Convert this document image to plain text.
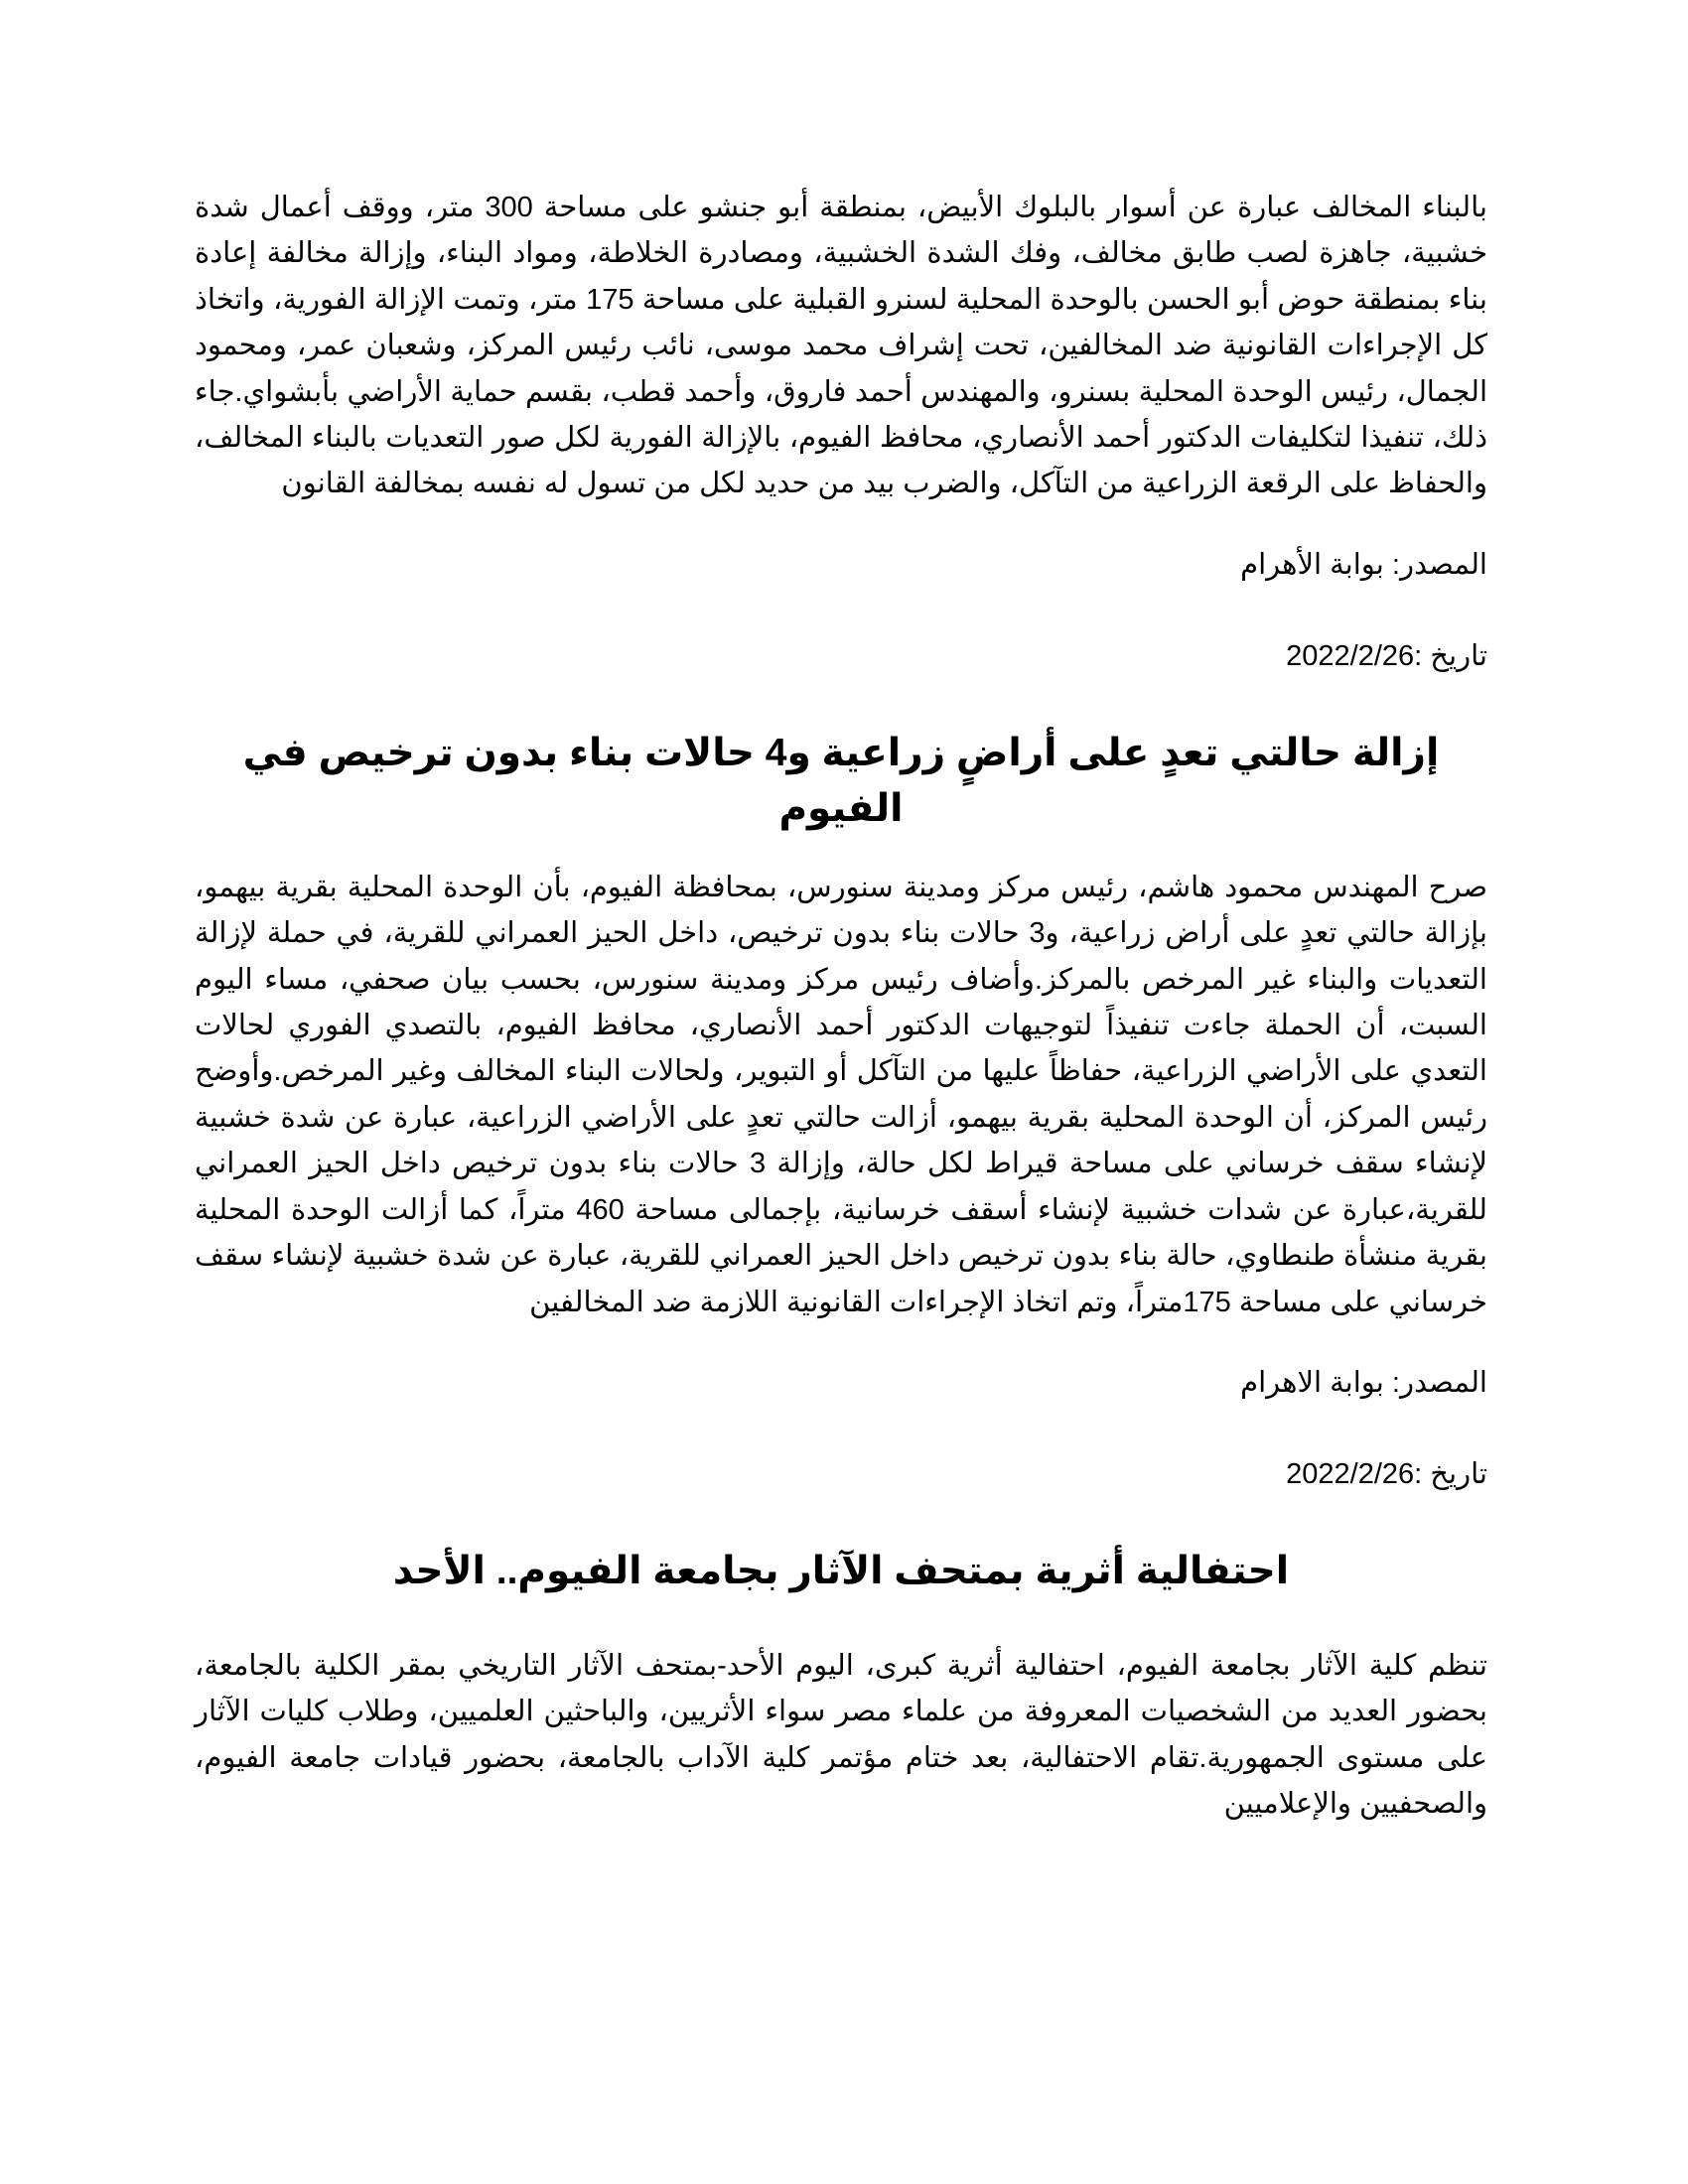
بالبناء المخالف عبارة عن أسوار بالبلوك الأبيض، بمنطقة أبو جنشو على مساحة 300 متر، ووقف أعمال شدة خشبية، جاهزة لصب طابق مخالف، وفك الشدة الخشبية، ومصادرة الخلاطة، ومواد البناء، وإزالة مخالفة إعادة بناء بمنطقة حوض أبو الحسن بالوحدة المحلية لسنرو القبلية على مساحة 175 متر، وتمت الإزالة الفورية، واتخاذ كل الإجراءات القانونية ضد المخالفين، تحت إشراف محمد موسى، نائب رئيس المركز، وشعبان عمر، ومحمود الجمال، رئيس الوحدة المحلية بسنرو، والمهندس أحمد فاروق، وأحمد قطب، بقسم حماية الأراضي بأبشواي.جاء ذلك، تنفيذا لتكليفات الدكتور أحمد الأنصاري، محافظ الفيوم، بالإزالة الفورية لكل صور التعديات بالبناء المخالف، والحفاظ على الرقعة الزراعية من التآكل، والضرب بيد من حديد لكل من تسول له نفسه بمخالفة القانون

المصدر: بوابة الأهرام

تاريخ :2022/2/26

إزالة حالتي تعدٍ على أراضٍ زراعية و4 حالات بناء بدون ترخيص في الفيوم

صرح المهندس محمود هاشم، رئيس مركز ومدينة سنورس، بمحافظة الفيوم، بأن الوحدة المحلية بقرية بيهمو، بإزالة حالتي تعدٍ على أراض زراعية، و3 حالات بناء بدون ترخيص، داخل الحيز العمراني للقرية، في حملة لإزالة التعديات والبناء غير المرخص بالمركز.وأضاف رئيس مركز ومدينة سنورس، بحسب بيان صحفي، مساء اليوم السبت، أن الحملة جاءت تنفيذاً لتوجيهات الدكتور أحمد الأنصاري، محافظ الفيوم، بالتصدي الفوري لحالات التعدي على الأراضي الزراعية، حفاظاً عليها من التآكل أو التبوير، ولحالات البناء المخالف وغير المرخص.وأوضح رئيس المركز، أن الوحدة المحلية بقرية بيهمو، أزالت حالتي تعدٍ على الأراضي الزراعية، عبارة عن شدة خشبية لإنشاء سقف خرساني على مساحة قيراط لكل حالة، وإزالة 3 حالات بناء بدون ترخيص داخل الحيز العمراني للقرية،عبارة عن شدات خشبية لإنشاء أسقف خرسانية، بإجمالى مساحة 460 متراً، كما أزالت الوحدة المحلية بقرية منشأة طنطاوي، حالة بناء بدون ترخيص داخل الحيز العمراني للقرية، عبارة عن شدة خشبية لإنشاء سقف خرساني على مساحة 175متراً، وتم اتخاذ الإجراءات القانونية اللازمة ضد المخالفين

المصدر: بوابة الاهرام

تاريخ :2022/2/26

احتفالية أثرية بمتحف الآثار بجامعة الفيوم.. الأحد

تنظم كلية الآثار بجامعة الفيوم، احتفالية أثرية كبرى، اليوم الأحد-بمتحف الآثار التاريخي بمقر الكلية بالجامعة، بحضور العديد من الشخصيات المعروفة من علماء مصر سواء الأثريين، والباحثين العلميين، وطلاب كليات الآثار على مستوى الجمهورية.تقام الاحتفالية، بعد ختام مؤتمر كلية الآداب بالجامعة، بحضور قيادات جامعة الفيوم، والصحفيين والإعلاميين
